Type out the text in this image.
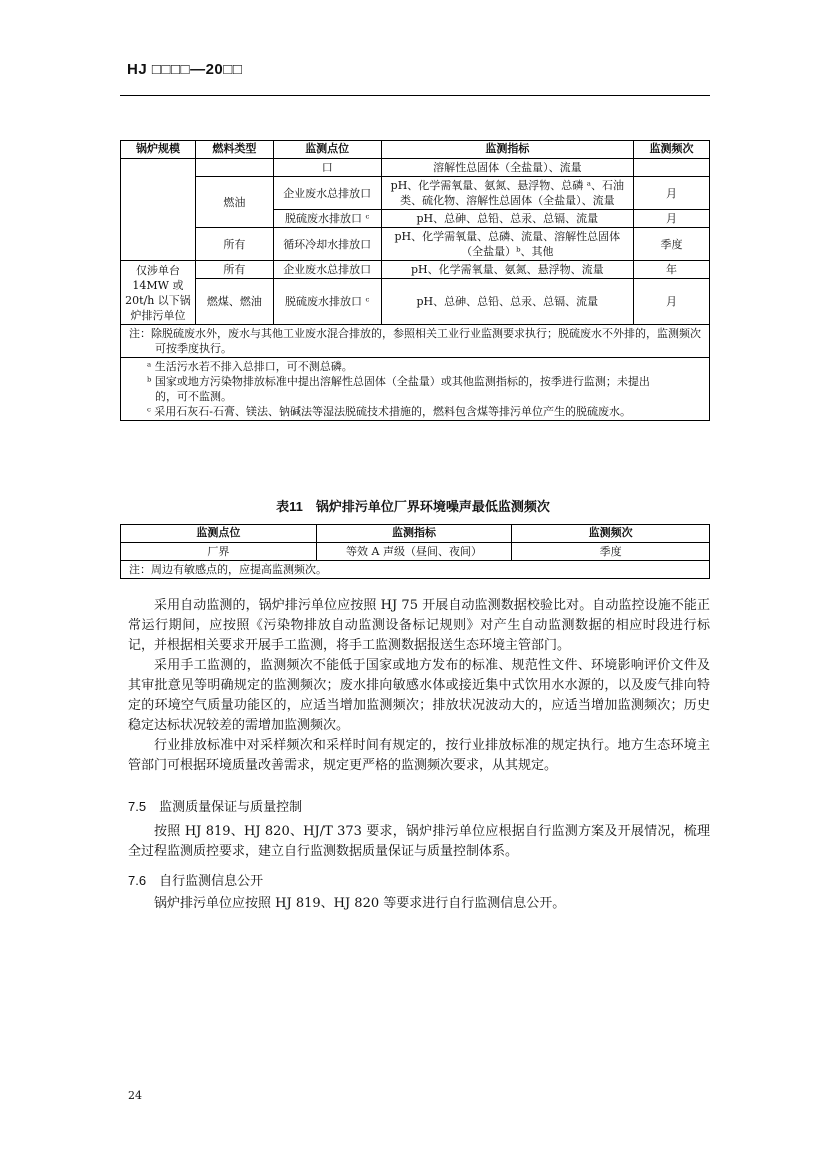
HJ □□□□—20□□
锅炉规模	燃料类型	监测点位	监测指标	监测频次
		口	溶解性总固体（全盐量）、流量	
	燃油	企业废水总排放口	pH、化学需氧量、氨氮、悬浮物、总磷 ᵃ、石油类、硫化物、溶解性总固体（全盐量）、流量	月
		脱硫废水排放口 ᶜ	pH、总砷、总铅、总汞、总镉、流量	月
	所有	循环冷却水排放口	pH、化学需氧量、总磷、流量、溶解性总固体（全盐量）ᵇ、其他	季度
仅涉单台14MW 或20t/h 以下锅炉排污单位	所有	企业废水总排放口	pH、化学需氧量、氨氮、悬浮物、流量	年
	燃煤、燃油	脱硫废水排放口 ᶜ	pH、总砷、总铅、总汞、总镉、流量	月
注：除脱硫废水外，废水与其他工业废水混合排放的，参照相关工业行业监测要求执行；脱硫废水不外排的，监测频次可按季度执行。				

ᵃ 生活污水若不排入总排口，可不测总磷。
ᵇ 国家或地方污染物排放标准中提出溶解性总固体（全盐量）或其他监测指标的，按季进行监测；未提出的，可不监测。
ᶜ 采用石灰石-石膏、镁法、钠碱法等湿法脱硫技术措施的，燃料包含煤等排污单位产生的脱硫废水。				
表11　锅炉排污单位厂界环境噪声最低监测频次
监测点位	监测指标	监测频次
厂界	等效 A 声级（昼间、夜间）	季度
注：周边有敏感点的，应提高监测频次。		

采用自动监测的，锅炉排污单位应按照 HJ 75 开展自动监测数据校验比对。自动监控设施不能正常运行期间，应按照《污染物排放自动监测设备标记规则》对产生自动监测数据的相应时段进行标记，并根据相关要求开展手工监测，将手工监测数据报送生态环境主管部门。

采用手工监测的，监测频次不能低于国家或地方发布的标准、规范性文件、环境影响评价文件及其审批意见等明确规定的监测频次；废水排向敏感水体或接近集中式饮用水水源的，以及废气排向特定的环境空气质量功能区的，应适当增加监测频次；排放状况波动大的，应适当增加监测频次；历史稳定达标状况较差的需增加监测频次。

行业排放标准中对采样频次和采样时间有规定的，按行业排放标准的规定执行。地方生态环境主管部门可根据环境质量改善需求，规定更严格的监测频次要求，从其规定。

7.5　监测质量保证与质量控制

按照 HJ 819、HJ 820、HJ/T 373 要求，锅炉排污单位应根据自行监测方案及开展情况，梳理全过程监测质控要求，建立自行监测数据质量保证与质量控制体系。

7.6　自行监测信息公开

锅炉排污单位应按照 HJ 819、HJ 820 等要求进行自行监测信息公开。

24
